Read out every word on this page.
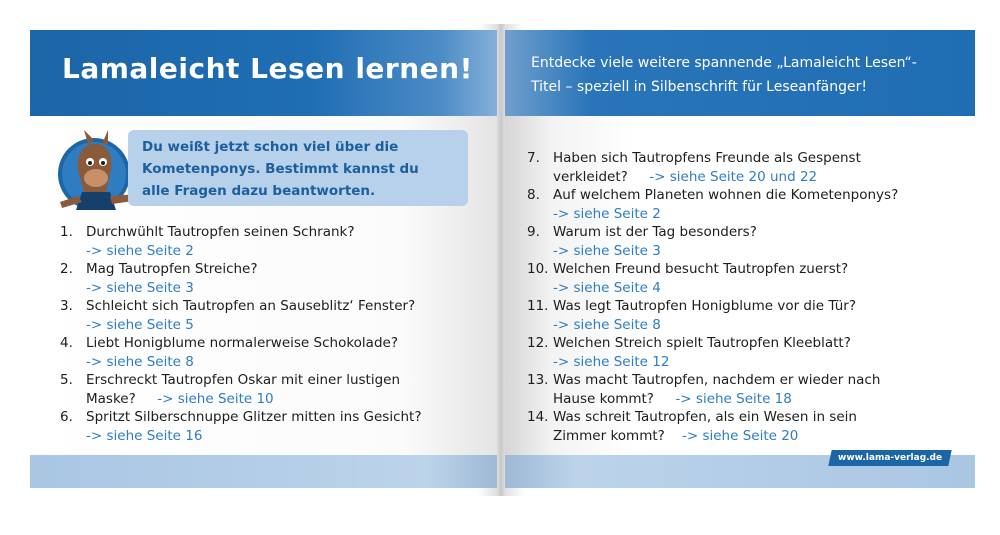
Lamaleicht Lesen lernen!
Du weißt jetzt schon viel über die
Kometenponys. Bestimmt kannst du
alle Fragen dazu beantworten.
1. Durchwühlt Tautropfen seinen Schrank?
-> siehe Seite 2
2. Mag Tautropfen Streiche?
-> siehe Seite 3
3. Schleicht sich Tautropfen an Sauseblitz‘ Fenster?
-> siehe Seite 5
4. Liebt Honigblume normalerweise Schokolade?
-> siehe Seite 8
5. Erschreckt Tautropfen Oskar mit einer lustigen
Maske? -> siehe Seite 10
6. Spritzt Silberschnuppe Glitzer mitten ins Gesicht?
-> siehe Seite 16
Entdecke viele weitere spannende „Lamaleicht Lesen“-
Titel – speziell in Silbenschrift für Leseanfänger!
7. Haben sich Tautropfens Freunde als Gespenst
verkleidet? -> siehe Seite 20 und 22
8. Auf welchem Planeten wohnen die Kometenponys?
-> siehe Seite 2
9. Warum ist der Tag besonders?
-> siehe Seite 3
10. Welchen Freund besucht Tautropfen zuerst?
-> siehe Seite 4
11. Was legt Tautropfen Honigblume vor die Tür?
-> siehe Seite 8
12. Welchen Streich spielt Tautropfen Kleeblatt?
-> siehe Seite 12
13. Was macht Tautropfen, nachdem er wieder nach
Hause kommt? -> siehe Seite 18
14. Was schreit Tautropfen, als ein Wesen in sein
Zimmer kommt? -> siehe Seite 20
www.lama-verlag.de
